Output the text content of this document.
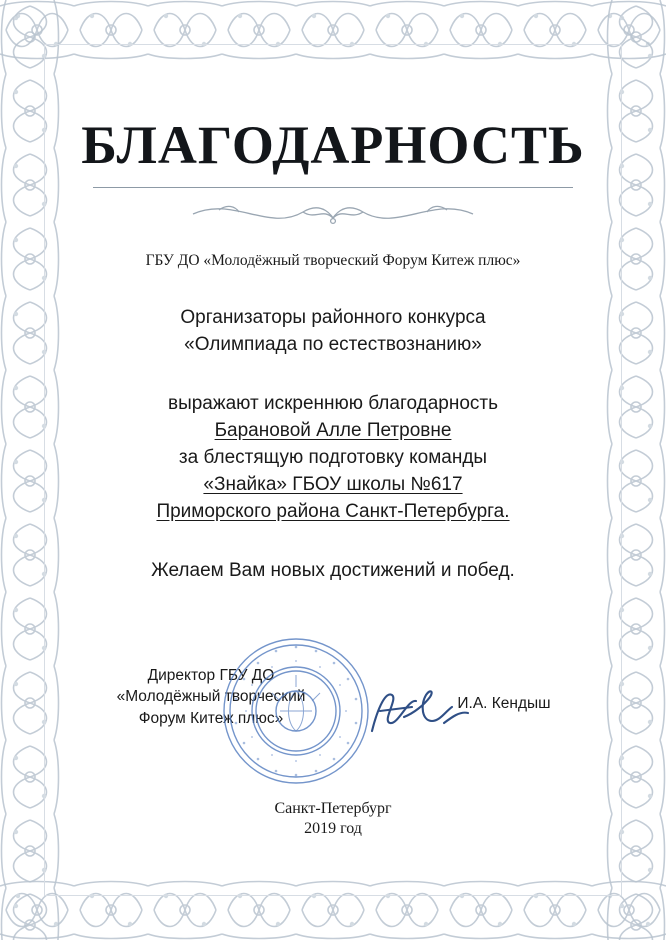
БЛАГОДАРНОСТЬ
ГБУ ДО «Молодёжный творческий Форум Китеж плюс»
Организаторы районного конкурса
«Олимпиада по естествознанию»
выражают искреннюю благодарность
Барановой Алле Петровне
за блестящую подготовку команды
«Знайка» ГБОУ школы №617
Приморского района Санкт-Петербурга.
Желаем Вам новых достижений и побед.
Директор ГБУ ДО
«Молодёжный творческий
Форум Китеж плюс»
И.А. Кендыш
Санкт-Петербург
2019 год
